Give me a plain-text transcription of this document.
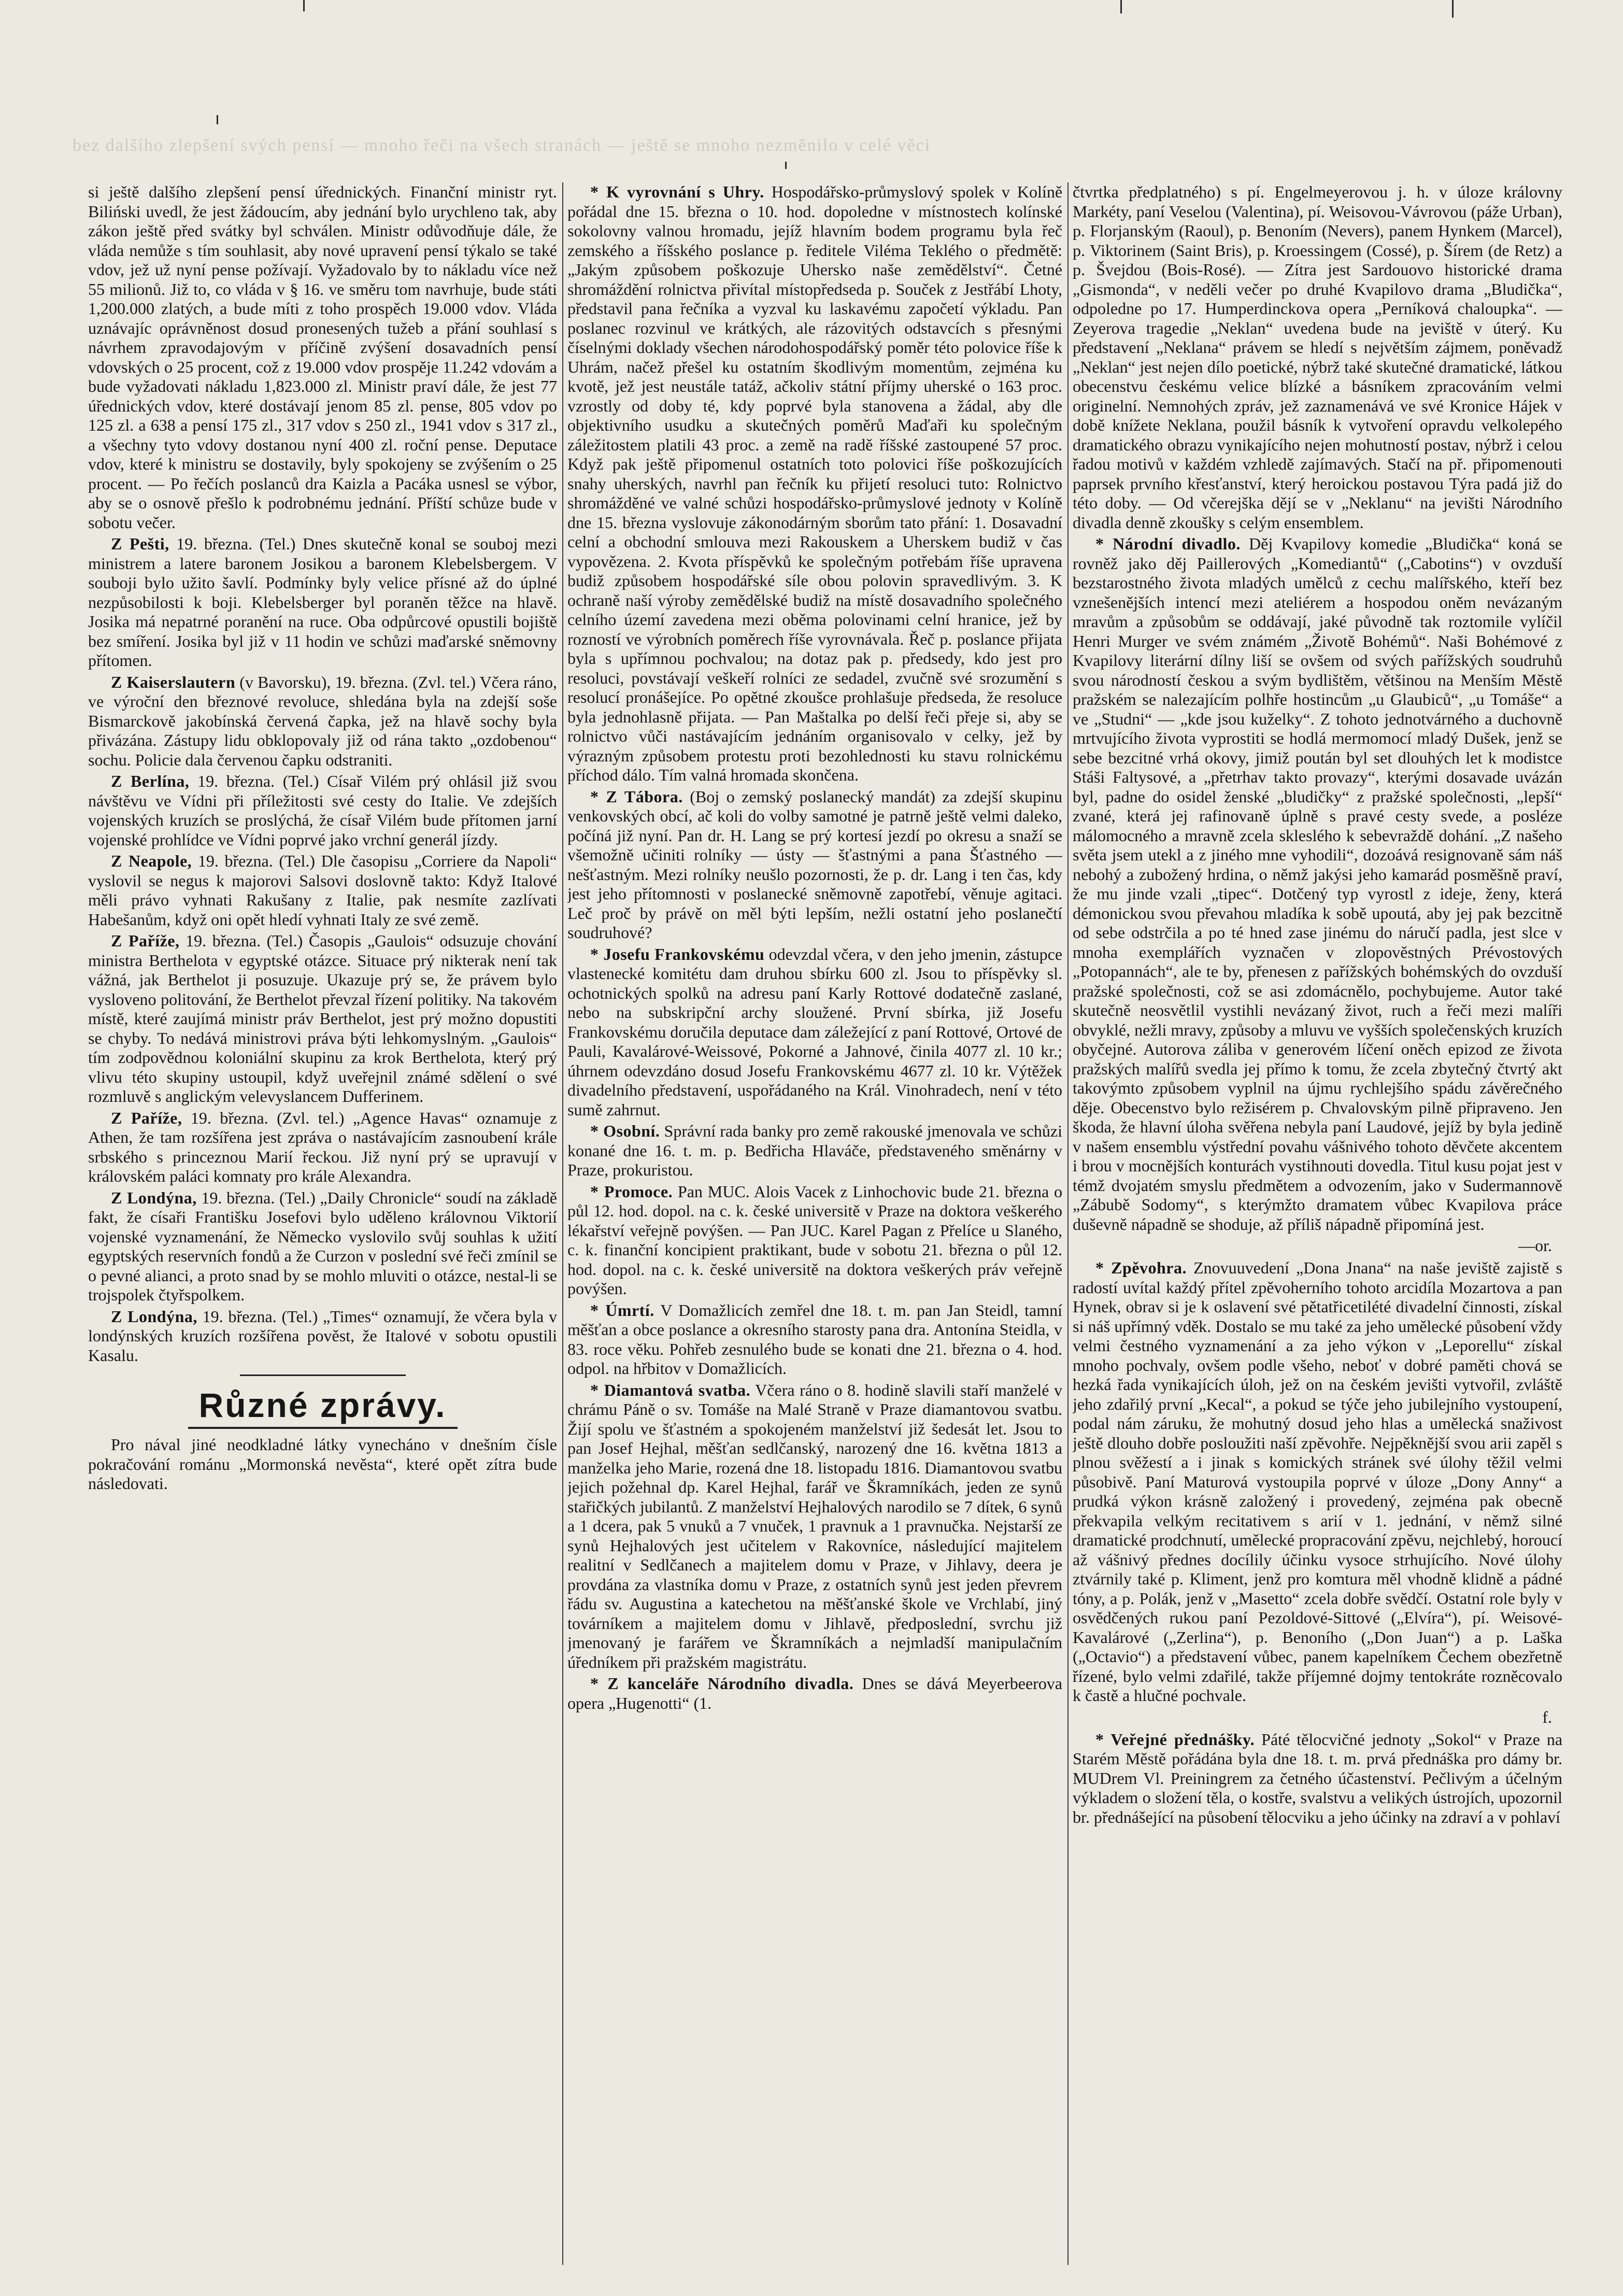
bez dalšího zlepšení svých pensí — mnoho řeči na všech stranách — ještě se mnoho nezměnilo v celé věci

si ještě dalšího zlepšení pensí úřednických. Finanční ministr ryt. Biliński uvedl, že jest žádoucím, aby jednání bylo urychleno tak, aby zákon ještě před svátky byl schválen. Ministr odůvodňuje dále, že vláda nemůže s tím souhlasit, aby nové upravení pensí týkalo se také vdov, jež už nyní pense požívají. Vyžadovalo by to nákladu více než 55 milionů. Již to, co vláda v § 16. ve směru tom navrhuje, bude státi 1,200.000 zlatých, a bude míti z toho prospěch 19.000 vdov. Vláda uznávajíc oprávněnost dosud pronesených tužeb a přání souhlasí s návrhem zpravodajovým v příčině zvýšení dosavadních pensí vdovských o 25 procent, což z 19.000 vdov prospěje 11.242 vdovám a bude vyžadovati nákladu 1,823.000 zl. Ministr praví dále, že jest 77 úřednických vdov, které dostávají jenom 85 zl. pense, 805 vdov po 125 zl. a 638 a pensí 175 zl., 317 vdov s 250 zl., 1941 vdov s 317 zl., a všechny tyto vdovy dostanou nyní 400 zl. roční pense. Deputace vdov, které k ministru se dostavily, byly spokojeny se zvýšením o 25 procent. — Po řečích poslanců dra Kaizla a Pacáka usnesl se výbor, aby se o osnově přešlo k podrobnému jednání. Příští schůze bude v sobotu večer.

Z Pešti, 19. března. (Tel.) Dnes skutečně konal se souboj mezi ministrem a latere baronem Josikou a baronem Klebelsbergem. V souboji bylo užito šavlí. Podmínky byly velice přísné až do úplné nezpůsobilosti k boji. Klebelsberger byl poraněn těžce na hlavě. Josika má nepatrné poranění na ruce. Oba odpůrcové opustili bojiště bez smíření. Josika byl již v 11 hodin ve schůzi maďarské sněmovny přítomen.

Z Kaiserslautern (v Bavorsku), 19. března. (Zvl. tel.) Včera ráno, ve výroční den březnové revoluce, shledána byla na zdejší soše Bismarckově jakobínská červená čapka, jež na hlavě sochy byla přivázána. Zástupy lidu obklopovaly již od rána takto „ozdobenou“ sochu. Policie dala červenou čapku odstraniti.

Z Berlína, 19. března. (Tel.) Císař Vilém prý ohlásil již svou návštěvu ve Vídni při příležitosti své cesty do Italie. Ve zdejších vojenských kruzích se proslýchá, že císař Vilém bude přítomen jarní vojenské prohlídce ve Vídni poprvé jako vrchní generál jízdy.

Z Neapole, 19. března. (Tel.) Dle časopisu „Corriere da Napoli“ vyslovil se negus k majorovi Salsovi doslovně takto: Když Italové měli právo vyhnati Rakušany z Italie, pak nesmíte zazlívati Habešanům, když oni opět hledí vyhnati Italy ze své země.

Z Paříže, 19. března. (Tel.) Časopis „Gaulois“ odsuzuje chování ministra Berthelota v egyptské otázce. Situace prý nikterak není tak vážná, jak Berthelot ji posuzuje. Ukazuje prý se, že právem bylo vysloveno politování, že Berthelot převzal řízení politiky. Na takovém místě, které zaujímá ministr práv Berthelot, jest prý možno dopustiti se chyby. To nedává ministrovi práva býti lehkomyslným. „Gaulois“ tím zodpovědnou koloniální skupinu za krok Berthelota, který prý vlivu této skupiny ustoupil, když uveřejnil známé sdělení o své rozmluvě s anglickým velevyslancem Dufferinem.

Z Paříže, 19. března. (Zvl. tel.) „Agence Havas“ oznamuje z Athen, že tam rozšířena jest zpráva o nastávajícím zasnoubení krále srbského s princeznou Marií řeckou. Již nyní prý se upravují v královském paláci komnaty pro krále Alexandra.

Z Londýna, 19. března. (Tel.) „Daily Chronicle“ soudí na základě fakt, že císaři Františku Josefovi bylo uděleno královnou Viktorií vojenské vyznamenání, že Německo vyslovilo svůj souhlas k užití egyptských reservních fondů a že Curzon v poslední své řeči zmínil se o pevné alianci, a proto snad by se mohlo mluviti o otázce, nestal-li se trojspolek čtyřspolkem.

Z Londýna, 19. března. (Tel.) „Times“ oznamují, že včera byla v londýnských kruzích rozšířena pověst, že Italové v sobotu opustili Kasalu.

Různé zprávy.

Pro nával jiné neodkladné látky vynecháno v dnešním čísle pokračování románu „Mormonská nevěsta“, které opět zítra bude následovati.

* K vyrovnání s Uhry. Hospodářsko-průmyslový spolek v Kolíně pořádal dne 15. března o 10. hod. dopoledne v místnostech kolínské sokolovny valnou hromadu, jejíž hlavním bodem programu byla řeč zemského a říšského poslance p. ředitele Viléma Teklého o předmětě: „Jakým způsobem poškozuje Uhersko naše zemědělství“. Četné shromáždění rolnictva přivítal místopředseda p. Souček z Jestřábí Lhoty, představil pana řečníka a vyzval ku laskavému započetí výkladu. Pan poslanec rozvinul ve krátkých, ale rázovitých odstavcích s přesnými číselnými doklady všechen národohospodářský poměr této polovice říše k Uhrám, načež přešel ku ostatním škodlivým momentům, zejména ku kvotě, jež jest neustále tatáž, ačkoliv státní příjmy uherské o 163 proc. vzrostly od doby té, kdy poprvé byla stanovena a žádal, aby dle objektivního usudku a skutečných poměrů Maďaři ku společným záležitostem platili 43 proc. a země na radě říšské zastoupené 57 proc. Když pak ještě připomenul ostatních toto polovici říše poškozujících snahy uherských, navrhl pan řečník ku přijetí resoluci tuto: Rolnictvo shromážděné ve valné schůzi hospodářsko-průmyslové jednoty v Kolíně dne 15. března vyslovuje zákonodárným sborům tato přání: 1. Dosavadní celní a obchodní smlouva mezi Rakouskem a Uherskem budiž v čas vypovězena. 2. Kvota příspěvků ke společným potřebám říše upravena budiž způsobem hospodářské síle obou polovin spravedlivým. 3. K ochraně naší výroby zemědělské budiž na místě dosavadního společného celního území zavedena mezi oběma polovinami celní hranice, jež by rozností ve výrobních poměrech říše vyrovnávala. Řeč p. poslance přijata byla s upřímnou pochvalou; na dotaz pak p. předsedy, kdo jest pro resoluci, povstávají veškeří rolníci ze sedadel, zvučně své srozumění s resolucí pronášejíce. Po opětné zkoušce prohlašuje předseda, že resoluce byla jednohlasně přijata. — Pan Maštalka po delší řeči přeje si, aby se rolnictvo vůči nastávajícím jednáním organisovalo v celky, jež by výrazným způsobem protestu proti bezohlednosti ku stavu rolnickému příchod dálo. Tím valná hromada skončena.

* Z Tábora. (Boj o zemský poslanecký mandát) za zdejší skupinu venkovských obcí, ač koli do volby samotné je patrně ještě velmi daleko, počíná již nyní. Pan dr. H. Lang se prý kortesí jezdí po okresu a snaží se všemožně učiniti rolníky — ústy — šťastnými a pana Šťastného — nešťastným. Mezi rolníky neušlo pozornosti, že p. dr. Lang i ten čas, kdy jest jeho přítomnosti v poslanecké sněmovně zapotřebí, věnuje agitaci. Leč proč by právě on měl býti lepším, nežli ostatní jeho poslanečtí soudruhové?

* Josefu Frankovskému odevzdal včera, v den jeho jmenin, zástupce vlastenecké komitétu dam druhou sbírku 600 zl. Jsou to příspěvky sl. ochotnických spolků na adresu paní Karly Rottové dodatečně zaslané, nebo na subskripční archy sloužené. První sbírka, již Josefu Frankovskému doručila deputace dam záležející z paní Rottové, Ortové de Pauli, Kavalárové-Weissové, Pokorné a Jahnové, činila 4077 zl. 10 kr.; úhrnem odevzdáno dosud Josefu Frankovskému 4677 zl. 10 kr. Výtěžek divadelního představení, uspořádaného na Král. Vinohradech, není v této sumě zahrnut.

* Osobní. Správní rada banky pro země rakouské jmenovala ve schůzi konané dne 16. t. m. p. Bedřicha Hlaváče, představeného směnárny v Praze, prokuristou.

* Promoce. Pan MUC. Alois Vacek z Linhochovic bude 21. března o půl 12. hod. dopol. na c. k. české universitě v Praze na doktora veškerého lékařství veřejně povýšen. — Pan JUC. Karel Pagan z Přelíce u Slaného, c. k. finanční koncipient praktikant, bude v sobotu 21. března o půl 12. hod. dopol. na c. k. české universitě na doktora veškerých práv veřejně povýšen.

* Úmrtí. V Domažlicích zemřel dne 18. t. m. pan Jan Steidl, tamní měšťan a obce poslance a okresního starosty pana dra. Antonína Steidla, v 83. roce věku. Pohřeb zesnulého bude se konati dne 21. března o 4. hod. odpol. na hřbitov v Domažlicích.

* Diamantová svatba. Včera ráno o 8. hodině slavili staří manželé v chrámu Páně o sv. Tomáše na Malé Straně v Praze diamantovou svatbu. Žijí spolu ve šťastném a spokojeném manželství již šedesát let. Jsou to pan Josef Hejhal, měšťan sedlčanský, narozený dne 16. května 1813 a manželka jeho Marie, rozená dne 18. listopadu 1816. Diamantovou svatbu jejich požehnal dp. Karel Hejhal, farář ve Škramníkách, jeden ze synů stařičkých jubilantů. Z manželství Hejhalových narodilo se 7 dítek, 6 synů a 1 dcera, pak 5 vnuků a 7 vnuček, 1 pravnuk a 1 pravnučka. Nejstarší ze synů Hejhalových jest učitelem v Rakovníce, následující majitelem realitní v Sedlčanech a majitelem domu v Praze, v Jihlavy, deera je provdána za vlastníka domu v Praze, z ostatních synů jest jeden převrem řádu sv. Augustina a katechetou na měšťanské škole ve Vrchlabí, jiný továrníkem a majitelem domu v Jihlavě, předposlední, svrchu již jmenovaný je farářem ve Škramníkách a nejmladší manipulačním úředníkem při pražském magistrátu.

* Z kanceláře Národního divadla. Dnes se dává Meyerbeerova opera „Hugenotti“ (1.

čtvrtka předplatného) s pí. Engelmeyerovou j. h. v úloze královny Markéty, paní Veselou (Valentina), pí. Weisovou-Vávrovou (páže Urban), p. Florjanským (Raoul), p. Benoním (Nevers), panem Hynkem (Marcel), p. Viktorinem (Saint Bris), p. Kroessingem (Cossé), p. Šírem (de Retz) a p. Švejdou (Bois-Rosé). — Zítra jest Sardouovo historické drama „Gismonda“, v neděli večer po druhé Kvapilovo drama „Bludička“, odpoledne po 17. Humperdinckova opera „Perníková chaloupka“. — Zeyerova tragedie „Neklan“ uvedena bude na jeviště v úterý. Ku představení „Neklana“ právem se hledí s největším zájmem, poněvadž „Neklan“ jest nejen dílo poetické, nýbrž také skutečné dramatické, látkou obecenstvu českému velice blízké a básníkem zpracováním velmi originelní. Nemnohých zpráv, jež zaznamenává ve své Kronice Hájek v době knížete Neklana, použil básník k vytvoření opravdu velkolepého dramatického obrazu vynikajícího nejen mohutností postav, nýbrž i celou řadou motivů v každém vzhledě zajímavých. Stačí na př. připomenouti paprsek prvního křesťanství, který heroickou postavou Týra padá již do této doby. — Od včerejška dějí se v „Neklanu“ na jevišti Národního divadla denně zkoušky s celým ensemblem.

* Národní divadlo. Děj Kvapilovy komedie „Bludička“ koná se rovněž jako děj Paillerových „Komediantů“ („Cabotins“) v ovzduší bezstarostného života mladých umělců z cechu malířského, kteří bez vznešenějších intencí mezi ateliérem a hospodou oněm nevázaným mravům a způsobům se oddávají, jaké původně tak roztomile vylíčil Henri Murger ve svém známém „Životě Bohémů“. Naši Bohémové z Kvapilovy literární dílny liší se ovšem od svých pařížských soudruhů svou národností českou a svým bydlištěm, většinou na Menším Městě pražském se nalezajícím polhře hostincům „u Glaubiců“, „u Tomáše“ a ve „Studni“ — „kde jsou kuželky“. Z tohoto jednotvárného a duchovně mrtvujícího života vyprostiti se hodlá mermomocí mladý Dušek, jenž se sebe bezcitné vrhá okovy, jimiž poután byl set dlouhých let k modistce Stáši Faltysové, a „přetrhav takto provazy“, kterými dosavade uvázán byl, padne do osidel ženské „bludičky“ z pražské společnosti, „lepší“ zvané, která jej rafinovaně úplně s pravé cesty svede, a posléze málomocného a mravně zcela skleslého k sebevraždě dohání. „Z našeho světa jsem utekl a z jiného mne vyhodili“, dozoává resignovaně sám náš nebohý a zubožený hrdina, o němž jakýsi jeho kamarád posměšně praví, že mu jinde vzali „tipec“. Dotčený typ vyrostl z ideje, ženy, která démonickou svou převahou mladíka k sobě upoutá, aby jej pak bezcitně od sebe odstrčila a po té hned zase jinému do náručí padla, jest slce v mnoha exemplářích vyznačen v zlopověstných Prévostových „Potopannách“, ale te by, přenesen z pařížských bohémských do ovzduší pražské společnosti, což se asi zdomácnělo, pochybujeme. Autor také skutečně neosvětlil vystihli nevázaný život, ruch a řeči mezi malíři obvyklé, nežli mravy, způsoby a mluvu ve vyšších společenských kruzích obyčejné. Autorova záliba v generovém líčení oněch epizod ze života pražských malířů svedla jej přímo k tomu, že zcela zbytečný čtvrtý akt takovýmto způsobem vyplnil na újmu rychlejšího spádu závěrečného děje. Obecenstvo bylo režisérem p. Chvalovským pilně připraveno. Jen škoda, že hlavní úloha svěřena nebyla paní Laudové, jejíž by byla jedině v našem ensemblu výstřední povahu vášnivého tohoto děvčete akcentem i brou v mocnějších konturách vystihnouti dovedla. Titul kusu pojat jest v témž dvojatém smyslu předmětem a odvozením, jako v Sudermannově „Zábubě Sodomy“, s kterýmžto dramatem vůbec Kvapilova práce duševně nápadně se shoduje, až příliš nápadně připomíná jest.

—or.

* Zpěvohra. Znovuuvedení „Dona Jnana“ na naše jeviště zajistě s radostí uvítal každý přítel zpěvoherního tohoto arcidíla Mozartova a pan Hynek, obrav si je k oslavení své pětatřicetilété divadelní činnosti, získal si náš upřímný vděk. Dostalo se mu také za jeho umělecké působení vždy velmi čestného vyznamenání a za jeho výkon v „Leporellu“ získal mnoho pochvaly, ovšem podle všeho, neboť v dobré paměti chová se hezká řada vynikajících úloh, jež on na českém jevišti vytvořil, zvláště jeho zdařilý první „Kecal“, a pokud se týče jeho jubilejního vystoupení, podal nám záruku, že mohutný dosud jeho hlas a umělecká snaživost ještě dlouho dobře posloužiti naší zpěvohře. Nejpěknější svou arii zapěl s plnou svěžestí a i jinak s komických stránek své úlohy těžil velmi působivě. Paní Maturová vystoupila poprvé v úloze „Dony Anny“ a prudká výkon krásně založený i provedený, zejména pak obecně překvapila velkým recitativem s arií v 1. jednání, v němž silné dramatické prodchnutí, umělecké propracování zpěvu, nejchlebý, horoucí až vášnivý přednes docílily účinku vysoce strhujícího. Nové úlohy ztvárnily také p. Kliment, jenž pro komtura měl vhodně klidně a pádné tóny, a p. Polák, jenž v „Masetto“ zcela dobře svědčí. Ostatní role byly v osvědčených rukou paní Pezoldové-Sittové („Elvíra“), pí. Weisové-Kavalárové („Zerlina“), p. Benoního („Don Juan“) a p. Laška („Octavio“) a představení vůbec, panem kapelníkem Čechem obezřetně řízené, bylo velmi zdařilé, takže příjemné dojmy tentokráte rozněcovalo k častě a hlučné pochvale.

f.

* Veřejné přednášky. Páté tělocvičné jednoty „Sokol“ v Praze na Starém Městě pořádána byla dne 18. t. m. prvá přednáška pro dámy br. MUDrem Vl. Preiningrem za četného účastenství. Pečlivým a účelným výkladem o složení těla, o kostře, svalstvu a velikých ústrojích, upozornil br. přednášející na působení tělocviku a jeho účinky na zdraví a v pohlaví
